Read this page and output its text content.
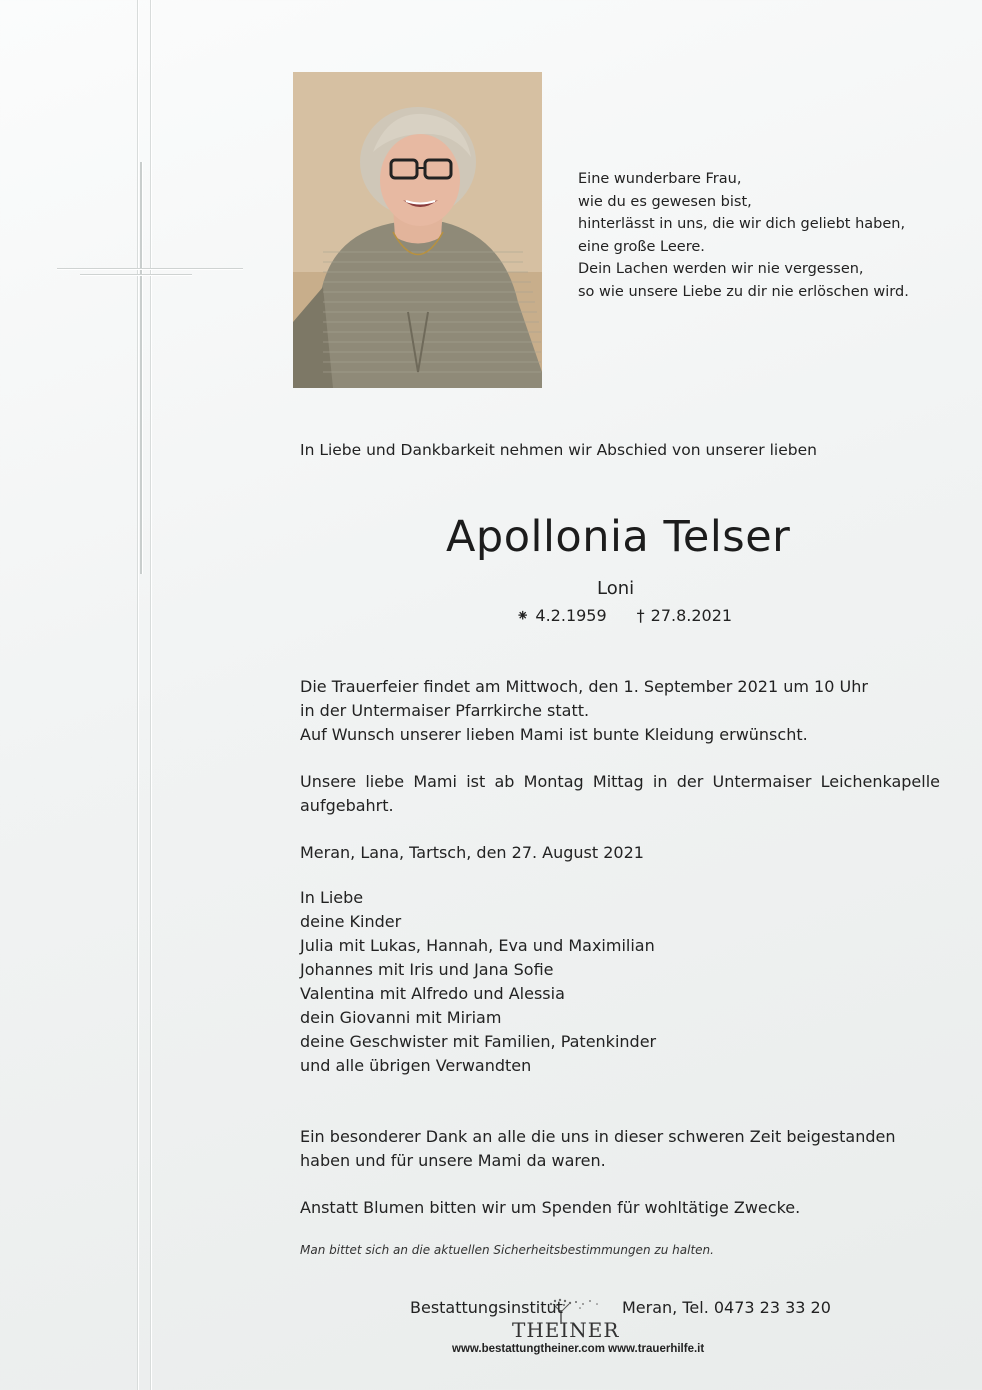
Eine wunderbare Frau,
wie du es gewesen bist,
hinterlässt in uns, die wir dich geliebt haben,
eine große Leere.
Dein Lachen werden wir nie vergessen,
so wie unsere Liebe zu dir nie erlöschen wird.
In Liebe und Dankbarkeit nehmen wir Abschied von unserer lieben
Apollonia Telser
Loni
⁕ 4.2.1959 † 27.8.2021
Die Trauerfeier findet am Mittwoch, den 1. September 2021 um 10 Uhr
in der Untermaiser Pfarrkirche statt.
Auf Wunsch unserer lieben Mami ist bunte Kleidung erwünscht.
Unsere liebe Mami ist ab Montag Mittag in der Untermaiser Leichenkapelle aufgebahrt.
Meran, Lana, Tartsch, den 27. August 2021
In Liebe
deine Kinder
Julia mit Lukas, Hannah, Eva und Maximilian
Johannes mit Iris und Jana Sofie
Valentina mit Alfredo und Alessia
dein Giovanni mit Miriam
deine Geschwister mit Familien, Patenkinder
und alle übrigen Verwandten
Ein besonderer Dank an alle die uns in dieser schweren Zeit beigestanden
haben und für unsere Mami da waren.
Anstatt Blumen bitten wir um Spenden für wohltätige Zwecke.
Man bittet sich an die aktuellen Sicherheitsbestimmungen zu halten.
Bestattungsinstitut
THEINER
Meran, Tel. 0473 23 33 20
www.bestattungtheiner.com www.trauerhilfe.it
